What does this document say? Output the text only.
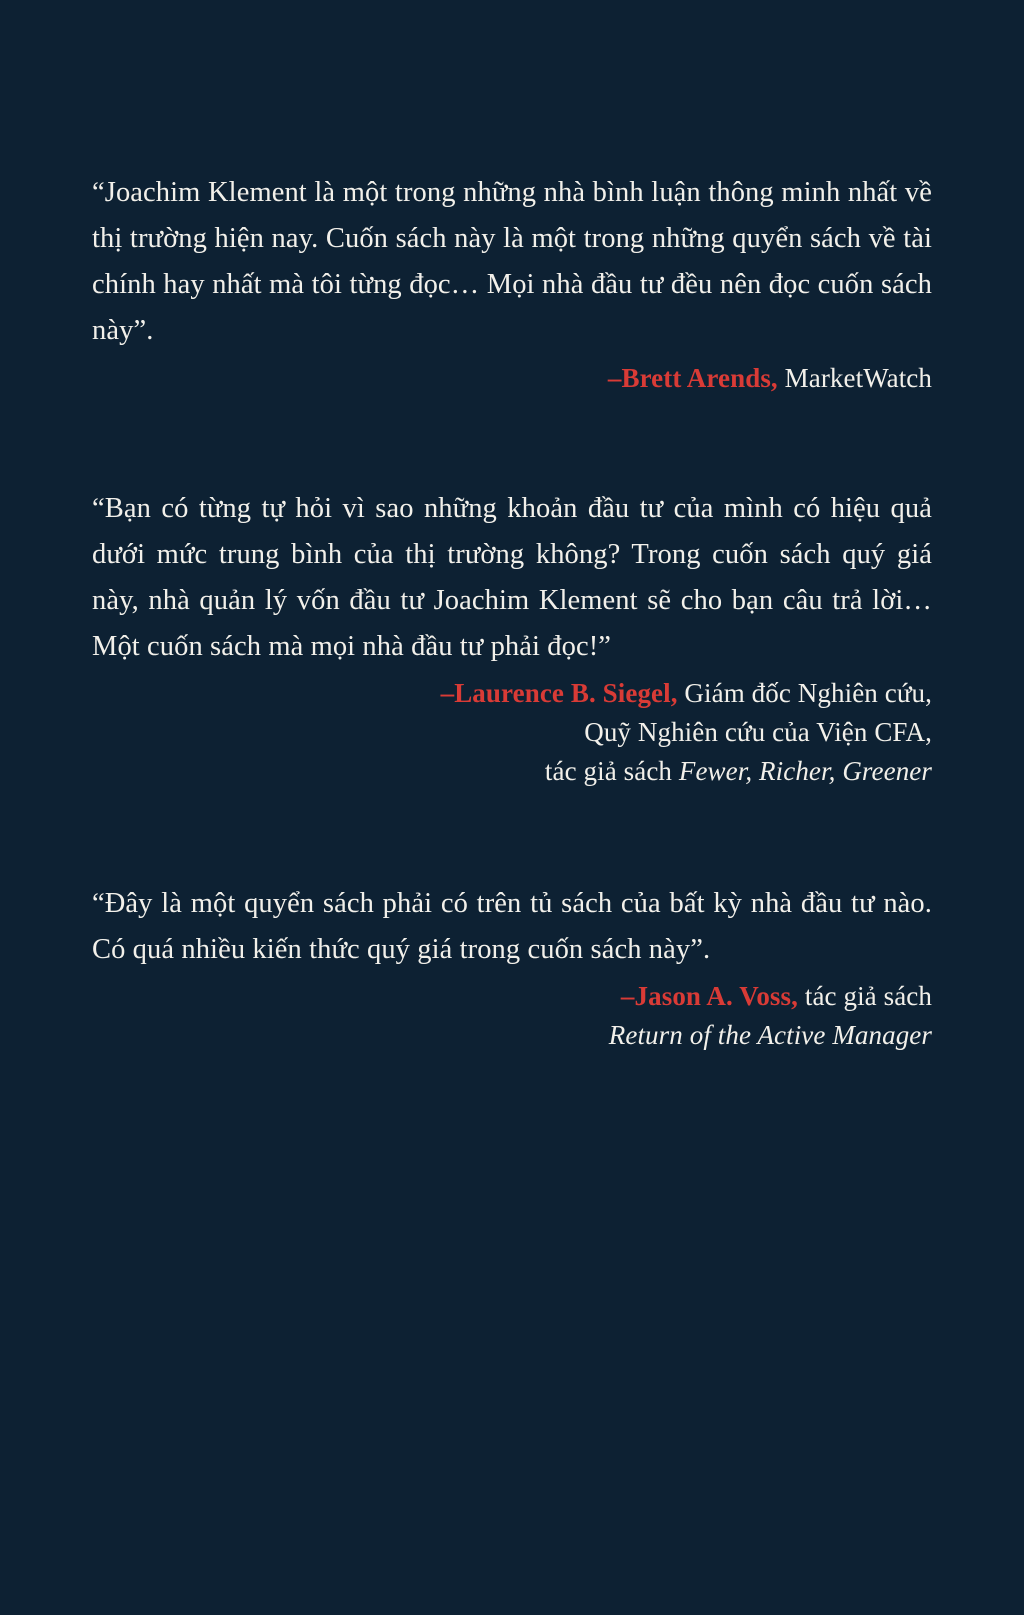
“Joachim Klement là một trong những nhà bình luận thông minh nhất về thị trường hiện nay. Cuốn sách này là một trong những quyển sách về tài chính hay nhất mà tôi từng đọc… Mọi nhà đầu tư đều nên đọc cuốn sách này”.

–Brett Arends, MarketWatch

“Bạn có từng tự hỏi vì sao những khoản đầu tư của mình có hiệu quả dưới mức trung bình của thị trường không? Trong cuốn sách quý giá này, nhà quản lý vốn đầu tư Joachim Klement sẽ cho bạn câu trả lời… Một cuốn sách mà mọi nhà đầu tư phải đọc!”

–Laurence B. Siegel, Giám đốc Nghiên cứu,
Quỹ Nghiên cứu của Viện CFA,
tác giả sách Fewer, Richer, Greener

“Đây là một quyển sách phải có trên tủ sách của bất kỳ nhà đầu tư nào. Có quá nhiều kiến thức quý giá trong cuốn sách này”.

–Jason A. Voss, tác giả sách
Return of the Active Manager
